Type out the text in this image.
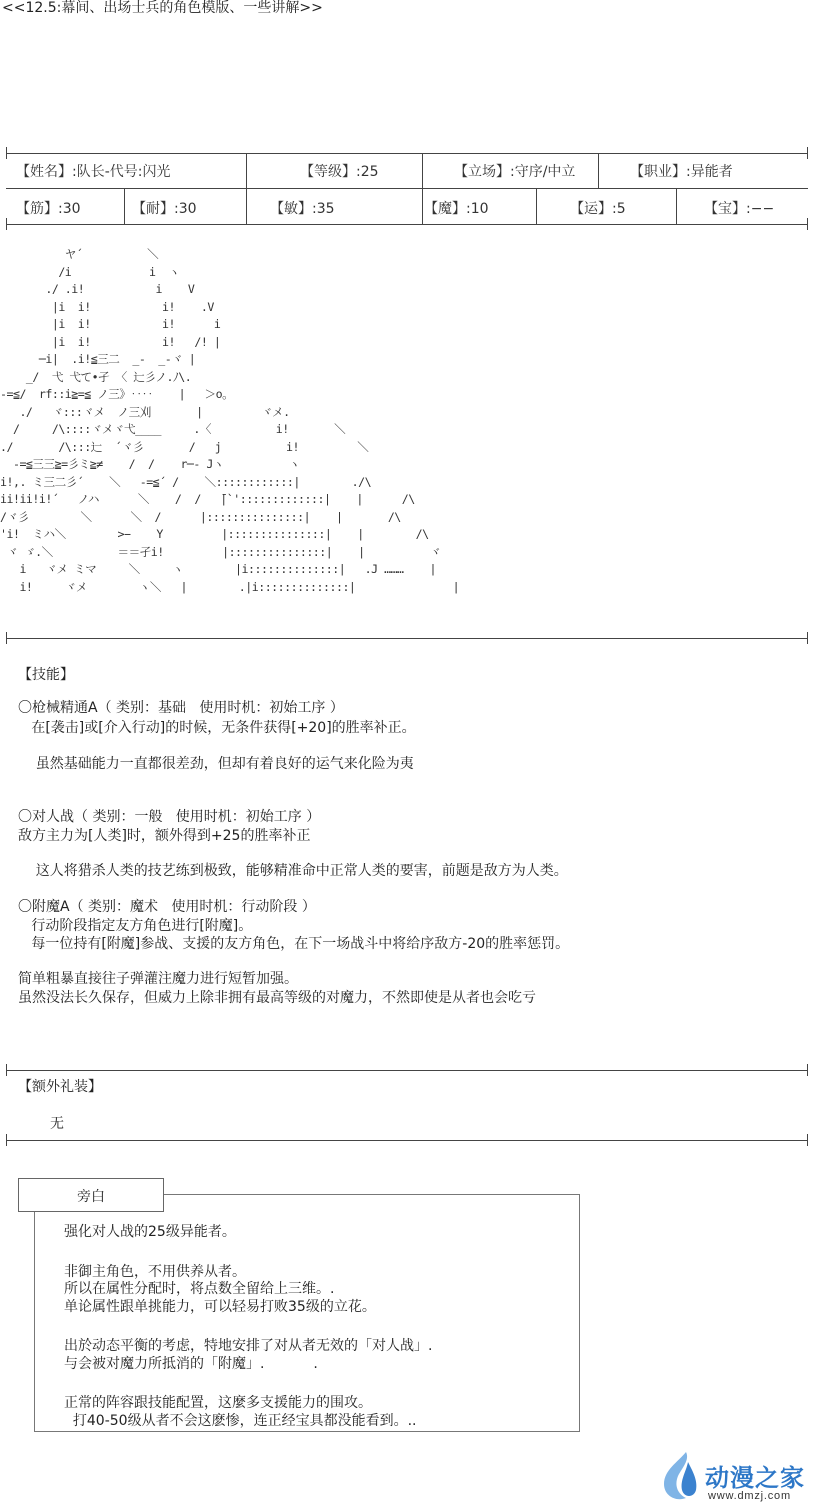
<<12.5:幕间、出场士兵的角色模版、一些讲解>>
【姓名】:队长-代号:闪光	【等级】:25	【立场】:守序/中立	【职业】:异能者
【筋】:30	【耐】:30	【敏】:35	【魔】:10	【运】:5	【宝】:−−
ヤ´          ＼
/i            i  ヽ
./ .i!           i    V
|i  i!           i!    .V
|i  i!           i!      i
|i  i!           i!   /! |
─i|  .i!≦三二  _‐  _-ヾ |
_/  弋 弋て•孑 〈 辷彡ノ.ﾉ\.
-=≦/  rf::i≧=≦ ノ三》‥‥    |   ＞o。
./   ヾ:::ヾメ  ノ三刈       |         ヾメ.
/     /\::::ヾメヾ弋____     .〈          i!       ＼
./       /\:::辷  ´ヾ彡       /   j          i!         ＼
-=≦三三≧=彡ミ≧≠    /  /    r─‐ Jヽ          ヽ
i!,. ミ三二彡´    ＼   -=≦´ /    ＼::::::::::::|        ./\
ii!ii!i!´   ノハ      ＼    /  /   ̄|`':::::::::::::|    |      /\
/ヾ彡        ＼      ＼  /      |:::::::::::::::|    |       /\
'i!  ミハ＼        >−    Y         |:::::::::::::::|    |        /\
ヾ ゞ.＼          ＝＝孑i!         |:::::::::::::::|    |          ヾ
i   ヾメ ミマ     ＼     ヽ        |i::::::::::::::|   .J ………    |
i!     ヾメ        ヽ＼   |        .|i::::::::::::::|               |
【技能】
〇枪械精通A（ 类别：基础   使用时机：初始工序 ）
在[袭击]或[介入行动]的时候，无条件获得[+20]的胜率补正。
虽然基础能力一直都很差劲，但却有着良好的运气来化险为夷
〇对人战（ 类别：一般   使用时机：初始工序 ）
敌方主力为[人类]时，额外得到+25的胜率补正
这人将猎杀人类的技艺练到极致，能够精准命中正常人类的要害，前题是敌方为人类。
〇附魔A（ 类别：魔术   使用时机：行动阶段 ）
行动阶段指定友方角色进行[附魔]。
每一位持有[附魔]参战、支援的友方角色，在下一场战斗中将给序敌方-20的胜率惩罚。
简单粗暴直接往子弹灌注魔力进行短暂加强。
虽然没法长久保存，但威力上除非拥有最高等级的对魔力，不然即使是从者也会吃亏
【额外礼装】
无
旁白

强化对人战的25级异能者。

非御主角色，不用供养从者。

所以在属性分配时，将点数全留给上三维。.

单论属性跟单挑能力，可以轻易打败35级的立花。

出於动态平衡的考虑，特地安排了对从者无效的「对人战」.

与会被对魔力所抵消的「附魔」.           .

正常的阵容跟技能配置，这麼多支援能力的围攻。

打40-50级从者不会这麽惨，连正经宝具都没能看到。..

动漫之家
www.dmzj.com
